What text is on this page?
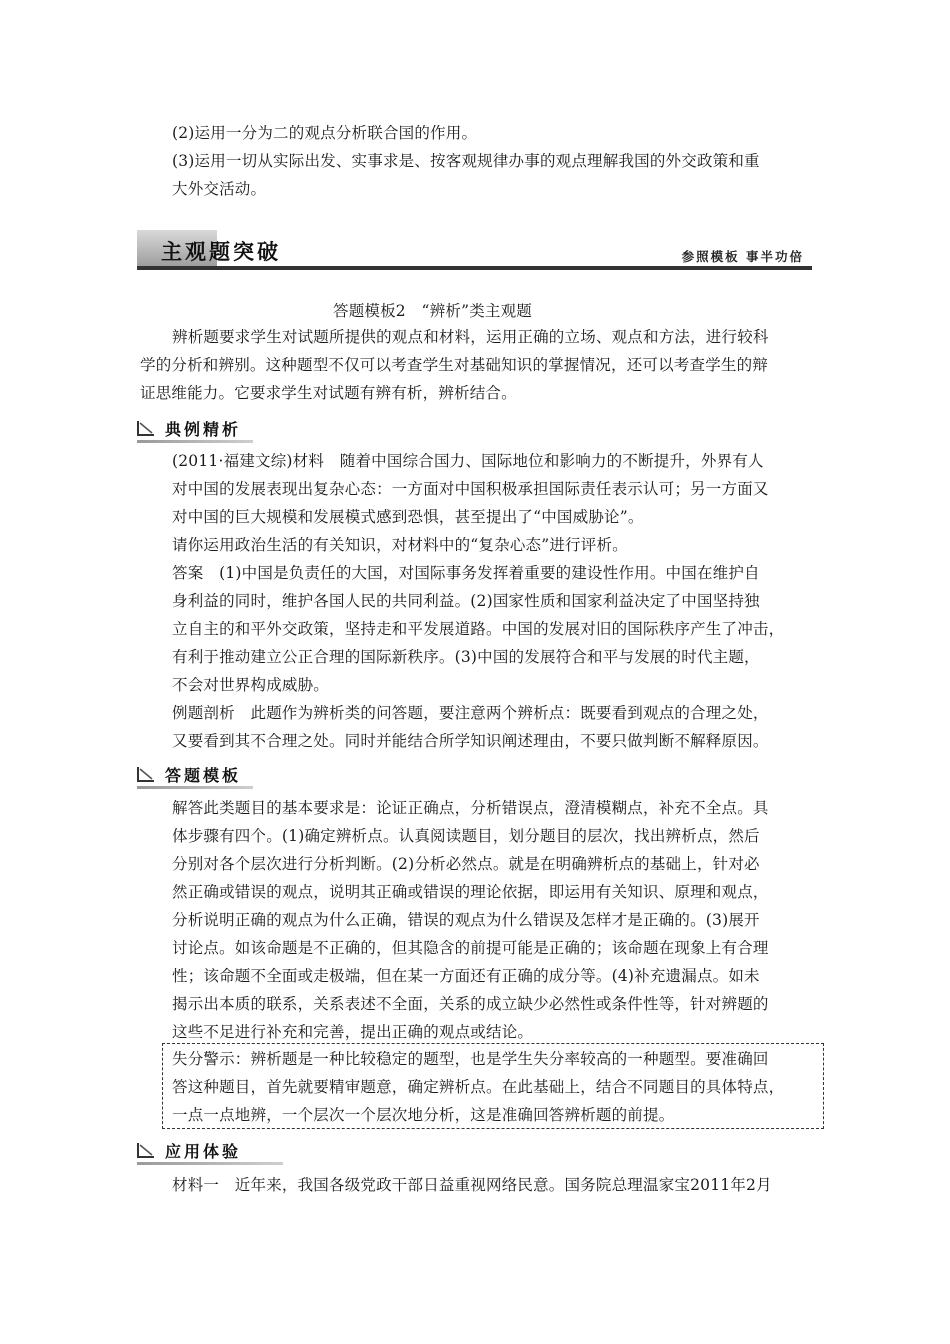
(2)运用一分为二的观点分析联合国的作用。
(3)运用一切从实际出发、实事求是、按客观规律办事的观点理解我国的外交政策和重
大外交活动。
主观题突破	参照模板 事半功倍
答题模板2　“辨析”类主观题
辨析题要求学生对试题所提供的观点和材料，运用正确的立场、观点和方法，进行较科
学的分析和辨别。这种题型不仅可以考查学生对基础知识的掌握情况，还可以考查学生的辩
证思维能力。它要求学生对试题有辨有析，辨析结合。
典例精析
(2011·福建文综)材料　随着中国综合国力、国际地位和影响力的不断提升，外界有人
对中国的发展表现出复杂心态：一方面对中国积极承担国际责任表示认可；另一方面又
对中国的巨大规模和发展模式感到恐惧，甚至提出了“中国威胁论”。
请你运用政治生活的有关知识，对材料中的“复杂心态”进行评析。
答案　(1)中国是负责任的大国，对国际事务发挥着重要的建设性作用。中国在维护自
身利益的同时，维护各国人民的共同利益。(2)国家性质和国家利益决定了中国坚持独
立自主的和平外交政策，坚持走和平发展道路。中国的发展对旧的国际秩序产生了冲击，
有利于推动建立公正合理的国际新秩序。(3)中国的发展符合和平与发展的时代主题，
不会对世界构成威胁。
例题剖析　此题作为辨析类的问答题，要注意两个辨析点：既要看到观点的合理之处，
又要看到其不合理之处。同时并能结合所学知识阐述理由，不要只做判断不解释原因。
答题模板
解答此类题目的基本要求是：论证正确点，分析错误点，澄清模糊点，补充不全点。具
体步骤有四个。(1)确定辨析点。认真阅读题目，划分题目的层次，找出辨析点，然后
分别对各个层次进行分析判断。(2)分析必然点。就是在明确辨析点的基础上，针对必
然正确或错误的观点，说明其正确或错误的理论依据，即运用有关知识、原理和观点，
分析说明正确的观点为什么正确，错误的观点为什么错误及怎样才是正确的。(3)展开
讨论点。如该命题是不正确的，但其隐含的前提可能是正确的；该命题在现象上有合理
性；该命题不全面或走极端，但在某一方面还有正确的成分等。(4)补充遗漏点。如未
揭示出本质的联系，关系表述不全面，关系的成立缺少必然性或条件性等，针对辨题的
这些不足进行补充和完善，提出正确的观点或结论。
失分警示：辨析题是一种比较稳定的题型，也是学生失分率较高的一种题型。要准确回
答这种题目，首先就要精审题意，确定辨析点。在此基础上，结合不同题目的具体特点，
一点一点地辨，一个层次一个层次地分析，这是准确回答辨析题的前提。
应用体验
材料一　近年来，我国各级党政干部日益重视网络民意。国务院总理温家宝2011年2月
